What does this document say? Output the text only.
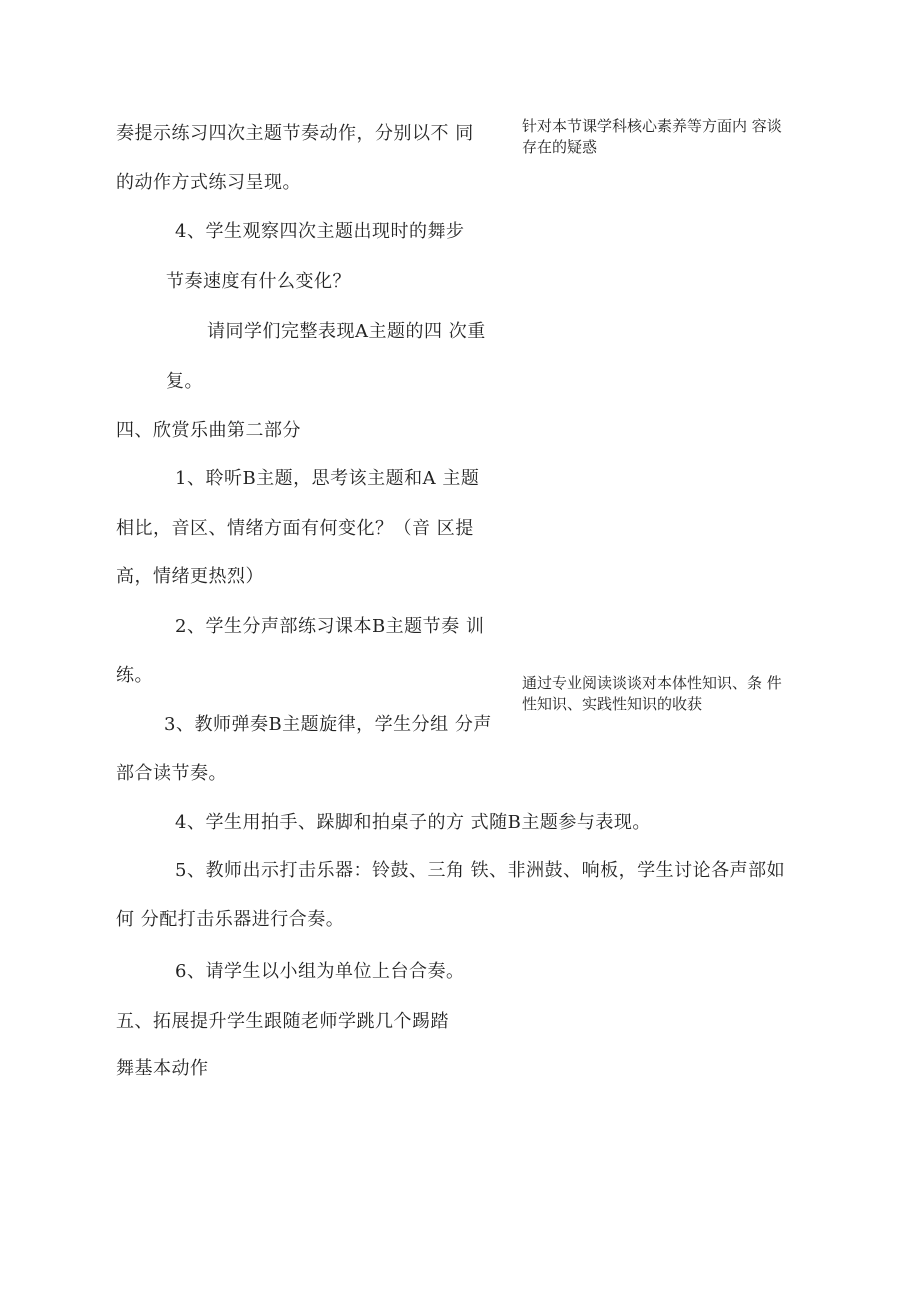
奏提示练习四次主题节奏动作，分别以不 同
的动作方式练习呈现。
4、学生观察四次主题出现时的舞步
节奏速度有什么变化？
请同学们完整表现A主题的四 次重
复。
四、欣赏乐曲第二部分
1、聆听B主题，思考该主题和A 主题
相比，音区、情绪方面有何变化？（音 区提
高，情绪更热烈）
2、学生分声部练习课本B主题节奏 训
练。
3、教师弹奏B主题旋律，学生分组 分声
部合读节奏。
4、学生用拍手、跺脚和拍桌子的方 式随B主题参与表现。
5、教师出示打击乐器：铃鼓、三角 铁、非洲鼓、响板，学生讨论各声部如
何 分配打击乐器进行合奏。
6、请学生以小组为单位上台合奏。
五、拓展提升学生跟随老师学跳几个踢踏
舞基本动作
针对本节课学科核心素养等方面内 容谈
存在的疑惑
通过专业阅读谈谈对本体性知识、条 件
性知识、实践性知识的收获
